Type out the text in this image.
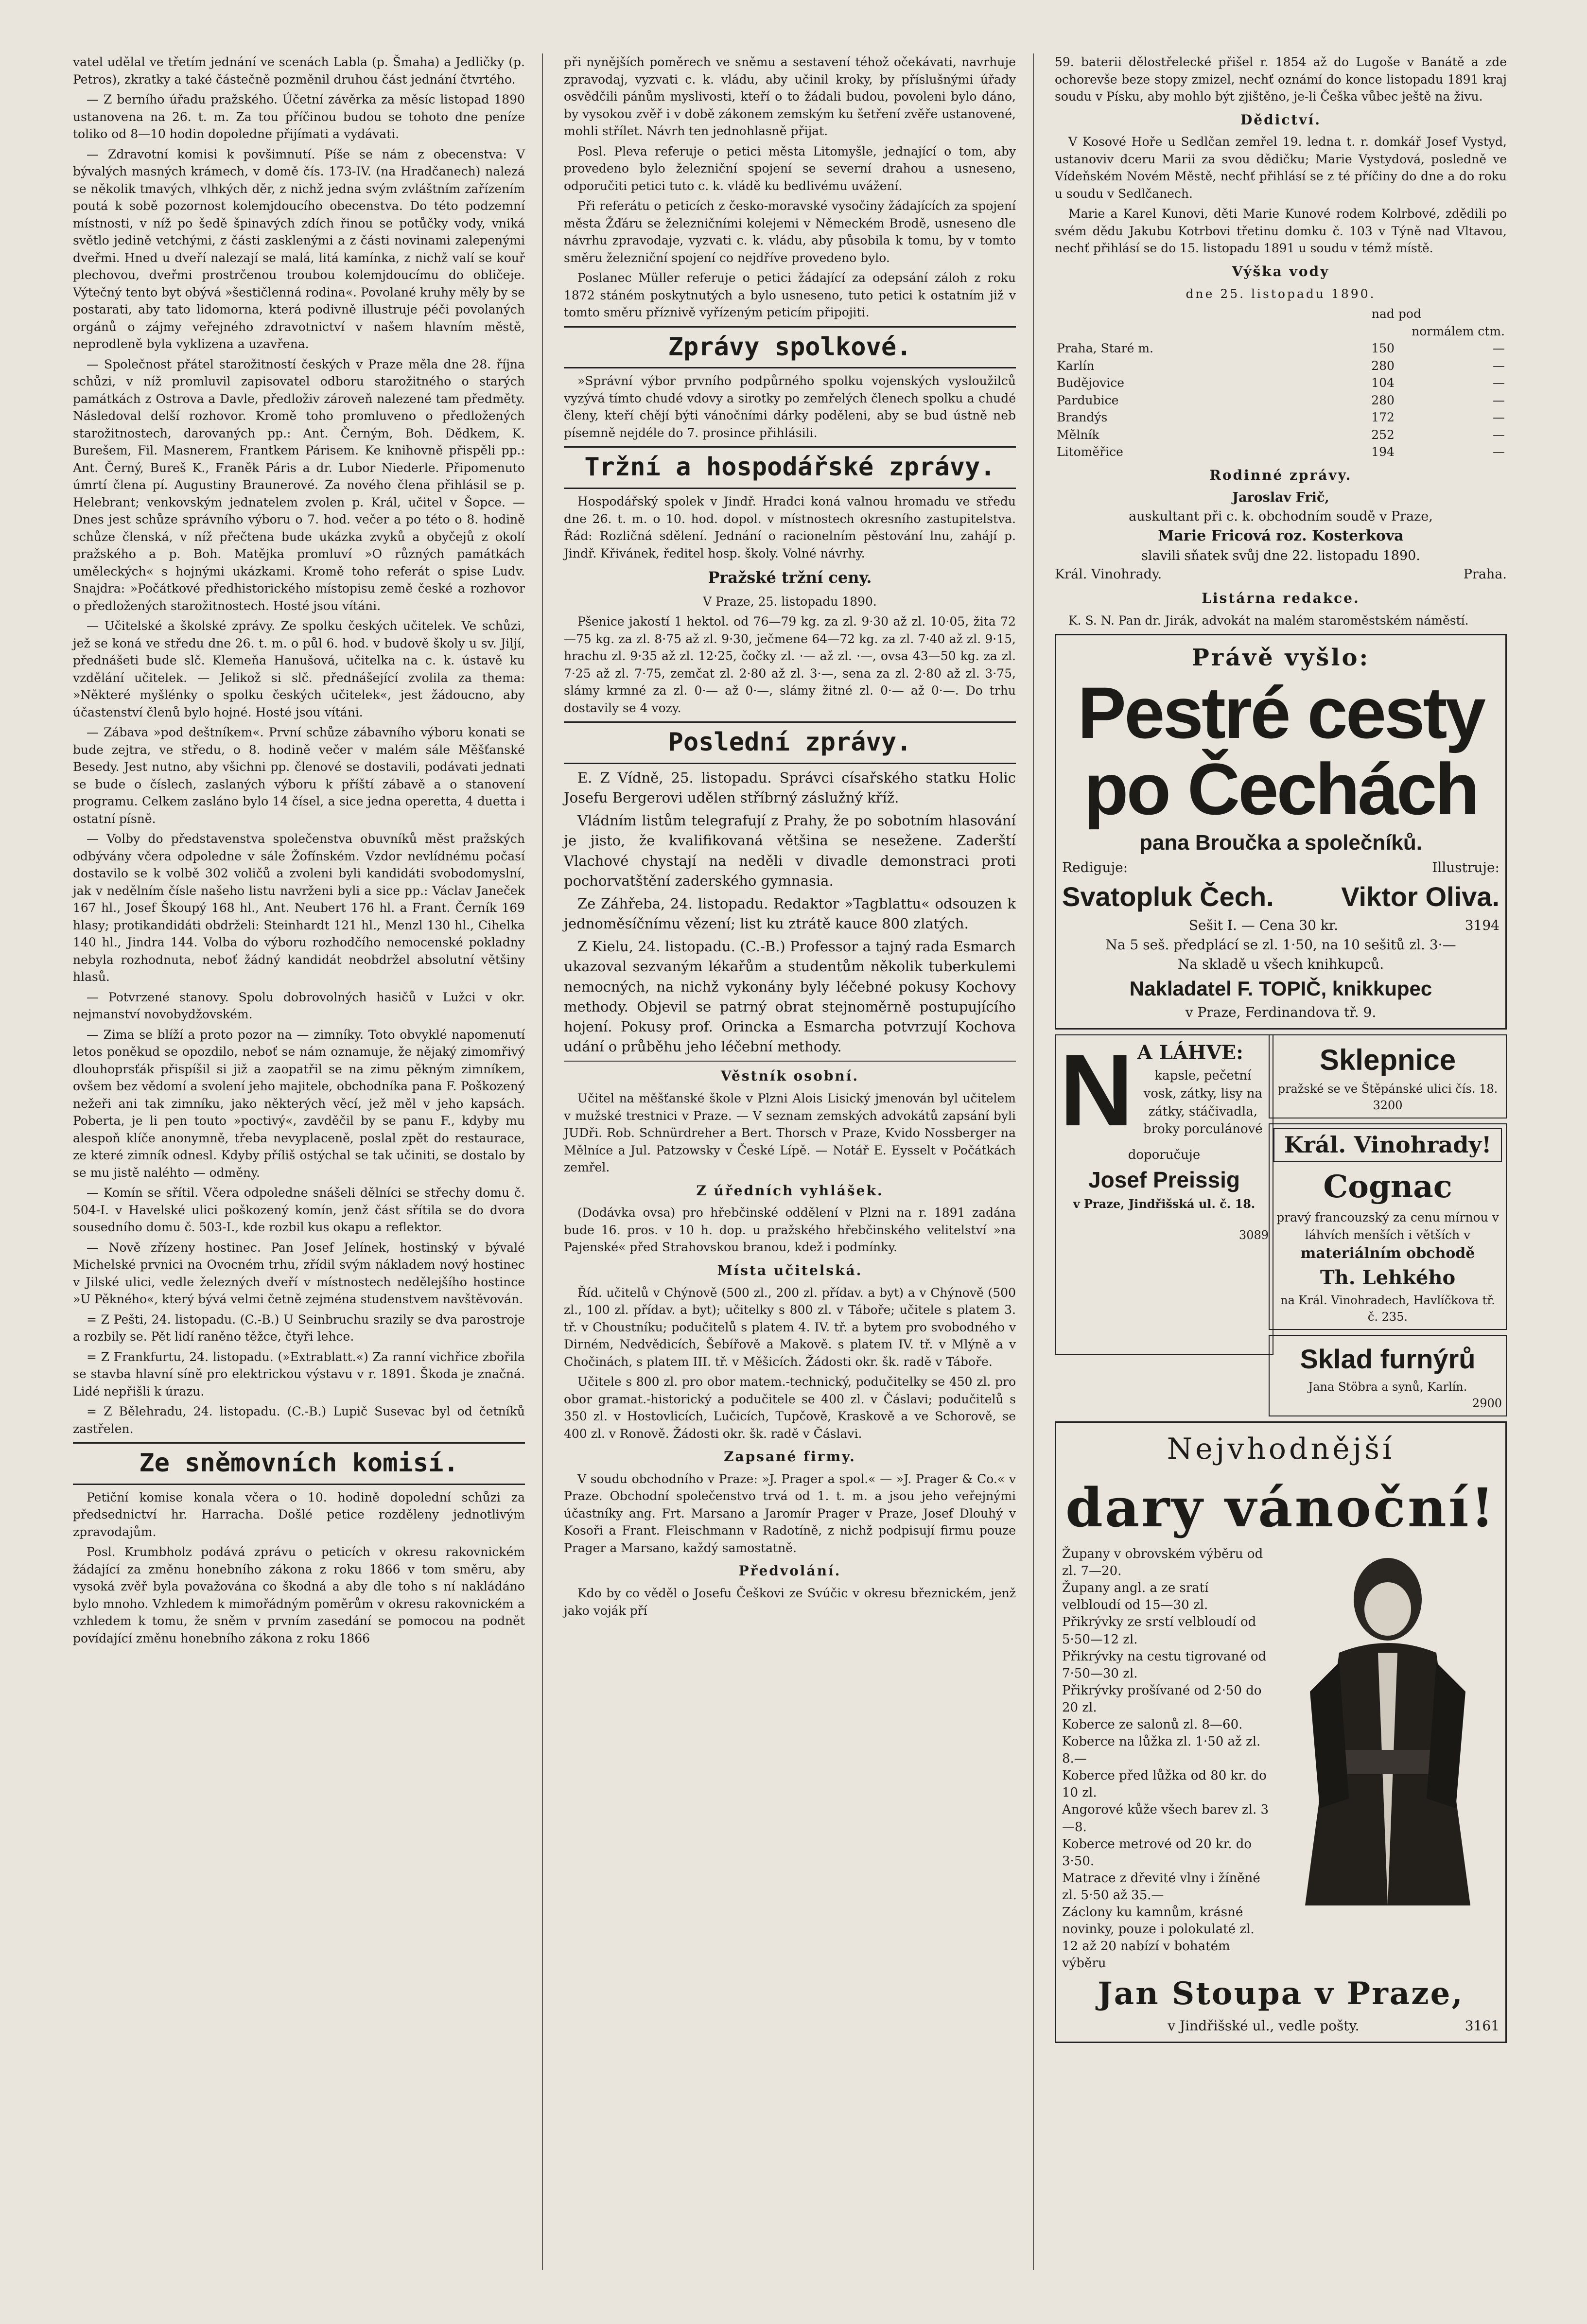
vatel udělal ve třetím jednání ve scenách Labla (p. Šmaha) a Jedličky (p. Petros), zkratky a také částečně pozměnil druhou část jednání čtvrtého.

— Z berního úřadu pražského. Účetní závěrka za měsíc listopad 1890 ustanovena na 26. t. m. Za tou příčinou budou se tohoto dne peníze toliko od 8—10 hodin dopoledne přijímati a vydávati.

— Zdravotní komisi k povšimnutí. Píše se nám z obecenstva: V bývalých masných krámech, v domě čís. 173-IV. (na Hradčanech) nalezá se několik tmavých, vlhkých děr, z nichž jedna svým zvláštním zařízením poutá k sobě pozornost kolemjdoucího obecenstva. Do této podzemní místnosti, v níž po šedě špinavých zdích řinou se potůčky vody, vniká světlo jedině vetchými, z části zasklenými a z části novinami zalepenými dveřmi. Hned u dveří nalezají se malá, litá kamínka, z nichž valí se kouř plechovou, dveřmi prostrčenou troubou kolemjdoucímu do obličeje. Výtečný tento byt obývá »šestičlenná rodina«. Povolané kruhy měly by se postarati, aby tato lidomorna, která podivně illustruje péči povolaných orgánů o zájmy veřejného zdravotnictví v našem hlavním městě, neprodleně byla vyklizena a uzavřena.

— Společnost přátel starožitností českých v Praze měla dne 28. října schůzi, v níž promluvil zapisovatel odboru starožitného o starých památkách z Ostrova a Davle, předloživ zároveň nalezené tam předměty. Následoval delší rozhovor. Kromě toho promluveno o předložených starožitnostech, darovaných pp.: Ant. Černým, Boh. Dědkem, K. Burešem, Fil. Masnerem, Frantkem Párisem. Ke knihovně přispěli pp.: Ant. Černý, Bureš K., Franěk Páris a dr. Lubor Niederle. Připomenuto úmrtí člena pí. Augustiny Braunerové. Za nového člena přihlásil se p. Helebrant; venkovským jednatelem zvolen p. Král, učitel v Šopce. — Dnes jest schůze správního výboru o 7. hod. večer a po této o 8. hodině schůze členská, v níž přečtena bude ukázka zvyků a obyčejů z okolí pražského a p. Boh. Matějka promluví »O různých památkách uměleckých« s hojnými ukázkami. Kromě toho referát o spise Ludv. Snajdra: »Počátkové předhistorického místopisu země české a rozhovor o předložených starožitnostech. Hosté jsou vítáni.

— Učitelské a školské zprávy. Ze spolku českých učitelek. Ve schůzi, jež se koná ve středu dne 26. t. m. o půl 6. hod. v budově školy u sv. Jiljí, přednášeti bude slč. Klemeňa Hanušová, učitelka na c. k. ústavě ku vzdělání učitelek. — Jelikož si slč. přednášející zvolila za thema: »Některé myšlénky o spolku českých učitelek«, jest žádoucno, aby účastenství členů bylo hojné. Hosté jsou vítáni.

— Zábava »pod deštníkem«. První schůze zábavního výboru konati se bude zejtra, ve středu, o 8. hodině večer v malém sále Měšťanské Besedy. Jest nutno, aby všichni pp. členové se dostavili, podávati jednati se bude o číslech, zaslaných výboru k příští zábavě a o stanovení programu. Celkem zasláno bylo 14 čísel, a sice jedna operetta, 4 duetta i ostatní písně.

— Volby do představenstva společenstva obuvníků měst pražských odbývány včera odpoledne v sále Žofínském. Vzdor nevlídnému počasí dostavilo se k volbě 302 voličů a zvoleni byli kandidáti svobodomyslní, jak v nedělním čísle našeho listu navrženi byli a sice pp.: Václav Janeček 167 hl., Josef Škoupý 168 hl., Ant. Neubert 176 hl. a Frant. Černík 169 hlasy; protikandidáti obdrželi: Steinhardt 121 hl., Menzl 130 hl., Cihelka 140 hl., Jindra 144. Volba do výboru rozhodčího nemocenské pokladny nebyla rozhodnuta, neboť žádný kandidát neobdržel absolutní většiny hlasů.

— Potvrzené stanovy. Spolu dobrovolných hasičů v Lužci v okr. nejmanství novobydžovském.

— Zima se blíží a proto pozor na — zimníky. Toto obvyklé napomenutí letos poněkud se opozdilo, neboť se nám oznamuje, že nějaký zimomřivý dlouhoprsťák přispíšil si již a zaopatřil se na zimu pěkným zimníkem, ovšem bez vědomí a svolení jeho majitele, obchodníka pana F. Poškozený nežeři ani tak zimníku, jako některých věcí, jež měl v jeho kapsách. Poberta, je li pen touto »poctivý«, zavděčil by se panu F., kdyby mu alespoň klíče anonymně, třeba nevyplaceně, poslal zpět do restaurace, ze které zimník odnesl. Kdyby příliš ostýchal se tak učiniti, se dostalo by se mu jistě naléhto — odměny.

— Komín se sřítil. Včera odpoledne snášeli dělníci se střechy domu č. 504-I. v Havelské ulici poškozený komín, jenž část sřítila se do dvora sousedního domu č. 503-I., kde rozbil kus okapu a reflektor.

— Nově zřízeny hostinec. Pan Josef Jelínek, hostinský v bývalé Michelské prvnici na Ovocném trhu, zřídil svým nákladem nový hostinec v Jilské ulici, vedle železných dveří v místnostech nedělejšího hostince »U Pěkného«, který bývá velmi četně zejména studenstvem navštěvován.

= Z Pešti, 24. listopadu. (C.-B.) U Seinbruchu srazily se dva parostroje a rozbily se. Pět lidí raněno těžce, čtyři lehce.

= Z Frankfurtu, 24. listopadu. (»Extrablatt.«) Za ranní vichřice zbořila se stavba hlavní síně pro elektrickou výstavu v r. 1891. Škoda je značná. Lidé nepřišli k úrazu.

= Z Bělehradu, 24. listopadu. (C.-B.) Lupič Susevac byl od četníků zastřelen.

Ze sněmovních komisí.

Petiční komise konala včera o 10. hodině dopolední schůzi za předsednictví hr. Harracha. Došlé petice rozděleny jednotlivým zpravodajům.

Posl. Krumbholz podává zprávu o peticích v okresu rakovnickém žádající za změnu honebního zákona z roku 1866 v tom směru, aby vysoká zvěř byla považována co škodná a aby dle toho s ní nakládáno bylo mnoho. Vzhledem k mimořádným poměrům v okresu rakovnickém a vzhledem k tomu, že sněm v prvním zasedání se pomocou na podnět povídající změnu honebního zákona z roku 1866

při nynějších poměrech ve sněmu a sestavení téhož očekávati, navrhuje zpravodaj, vyzvati c. k. vládu, aby učinil kroky, by příslušnými úřady osvědčili pánům myslivosti, kteří o to žádali budou, povoleni bylo dáno, by vysokou zvěř i v době zákonem zemským ku šetření zvěře ustanovené, mohli střílet. Návrh ten jednohlasně přijat.

Posl. Pleva referuje o petici města Litomyšle, jednající o tom, aby provedeno bylo železniční spojení se severní drahou a usneseno, odporučiti petici tuto c. k. vládě ku bedlivému uvážení.

Při referátu o peticích z česko-moravské vysočiny žádajících za spojení města Žďáru se železničními kolejemi v Německém Brodě, usneseno dle návrhu zpravodaje, vyzvati c. k. vládu, aby působila k tomu, by v tomto směru železniční spojení co nejdříve provedeno bylo.

Poslanec Müller referuje o petici žádající za odepsání záloh z roku 1872 stáném poskytnutých a bylo usneseno, tuto petici k ostatním již v tomto směru příznivě vyřízeným peticím připojiti.

Zprávy spolkové.

»Správní výbor prvního podpůrného spolku vojenských vysloužilců vyzývá tímto chudé vdovy a sirotky po zemřelých členech spolku a chudé členy, kteří chějí býti vánočními dárky poděleni, aby se bud ústně neb písemně nejdéle do 7. prosince přihlásili.

Tržní a hospodářské zprávy.

Hospodářský spolek v Jindř. Hradci koná valnou hromadu ve středu dne 26. t. m. o 10. hod. dopol. v místnostech okresního zastupitelstva. Řád: Rozličná sdělení. Jednání o racionelním pěstování lnu, zahájí p. Jindř. Křivánek, ředitel hosp. školy. Volné návrhy.

Pražské tržní ceny.

V Praze, 25. listopadu 1890.

Pšenice jakostí 1 hektol. od 76—79 kg. za zl. 9·30 až zl. 10·05, žita 72—75 kg. za zl. 8·75 až zl. 9·30, ječmene 64—72 kg. za zl. 7·40 až zl. 9·15, hrachu zl. 9·35 až zl. 12·25, čočky zl. ·— až zl. ·—, ovsa 43—50 kg. za zl. 7·25 až zl. 7·75, zemčat zl. 2·80 až zl. 3·—, sena za zl. 2·80 až zl. 3·75, slámy krmné za zl. 0·— až 0·—, slámy žitné zl. 0·— až 0·—. Do trhu dostavily se 4 vozy.

Poslední zprávy.

E. Z Vídně, 25. listopadu. Správci císařského statku Holic Josefu Bergerovi udělen stříbrný záslužný kříž.

Vládním listům telegrafují z Prahy, že po sobotním hlasování je jisto, že kvalifikovaná většina se nesežene. Zaderští Vlachové chystají na neděli v divadle demonstraci proti pochorvatštění zaderského gymnasia.

Ze Záhřeba, 24. listopadu. Redaktor »Tagblattu« odsouzen k jednoměsíčnímu vězení; list ku ztrátě kauce 800 zlatých.

Z Kielu, 24. listopadu. (C.-B.) Professor a tajný rada Esmarch ukazoval sezvaným lékařům a studentům několik tuberkulemi nemocných, na nichž vykonány byly léčebné pokusy Kochovy methody. Objevil se patrný obrat stejnoměrně postupujícího hojení. Pokusy prof. Orincka a Esmarcha potvrzují Kochova udání o průběhu jeho léčební methody.

Věstník osobní.

Učitel na měšťanské škole v Plzni Alois Lisický jmenován byl učitelem v mužské trestnici v Praze. — V seznam zemských advokátů zapsání byli JUDři. Rob. Schnürdreher a Bert. Thorsch v Praze, Kvido Nossberger na Mělníce a Jul. Patzowsky v České Lípě. — Notář E. Eysselt v Počátkách zemřel.

Z úředních vyhlášek.

(Dodávka ovsa) pro hřebčinské oddělení v Plzni na r. 1891 zadána bude 16. pros. v 10 h. dop. u pražského hřebčinského velitelství »na Pajenské« před Strahovskou branou, kdež i podmínky.

Místa učitelská.

Říd. učitelů v Chýnově (500 zl., 200 zl. přídav. a byt) a v Chýnově (500 zl., 100 zl. přídav. a byt); učitelky s 800 zl. v Táboře; učitele s platem 3. tř. v Choustníku; podučitelů s platem 4. IV. tř. a bytem pro svobodného v Dirném, Nedvědicích, Šebířově a Makově. s platem IV. tř. v Mlýně a v Chočinách, s platem III. tř. v Měšicích. Žádosti okr. šk. radě v Táboře.

Učitele s 800 zl. pro obor matem.-technický, podučitelky se 450 zl. pro obor gramat.-historický a podučitele se 400 zl. v Čáslavi; podučitelů s 350 zl. v Hostovlicích, Lučicích, Tupčově, Kraskově a ve Schorově, se 400 zl. v Ronově. Žádosti okr. šk. radě v Čáslavi.

Zapsané firmy.

V soudu obchodního v Praze: »J. Prager a spol.« — »J. Prager & Co.« v Praze. Obchodní společenstvo trvá od 1. t. m. a jsou jeho veřejnými účastníky ang. Frt. Marsano a Jaromír Prager v Praze, Josef Dlouhý v Kosoři a Frant. Fleischmann v Radotíně, z nichž podpisují firmu pouze Prager a Marsano, každý samostatně.

Předvolání.

Kdo by co věděl o Josefu Češkovi ze Svúčic v okresu březnickém, jenž jako voják pří

59. baterii dělostřelecké přišel r. 1854 až do Lugoše v Banátě a zde ochorevše beze stopy zmizel, nechť oznámí do konce listopadu 1891 kraj soudu v Písku, aby mohlo být zjištěno, je-li Češka vůbec ještě na živu.

Dědictví.

V Kosové Hoře u Sedlčan zemřel 19. ledna t. r. domkář Josef Vystyd, ustanoviv dceru Marii za svou dědičku; Marie Vystydová, posledně ve Vídeňském Novém Městě, nechť přihlásí se z té příčiny do dne a do roku u soudu v Sedlčanech.

Marie a Karel Kunovi, děti Marie Kunové rodem Kolrbové, zdědili po svém dědu Jakubu Kotrbovi třetinu domku č. 103 v Týně nad Vltavou, nechť přihlásí se do 15. listopadu 1891 u soudu v témž místě.

Výška vody

dne 25. listopadu 1890.

	nad	pod
	normálem ctm.	
Praha, Staré m.	150	—
Karlín	280	—
Budějovice	104	—
Pardubice	280	—
Brandýs	172	—
Mělník	252	—
Litoměřice	194	—
Rodinné zprávy.
Jaroslav Frič,
auskultant při c. k. obchodním soudě v Praze,
Marie Fricová roz. Kosterkova
slavili sňatek svůj dne 22. listopadu 1890.
Král. Vinohrady.	Praha.
Listárna redakce.

K. S. N. Pan dr. Jirák, advokát na malém staroměstském náměstí.

Právě vyšlo:
Pestré cesty po Čechách
pana Broučka a společníků.
Rediguje:	Illustruje:
Svatopluk Čech. Viktor Oliva.
Sešit I. — Cena 30 kr.	3194
Na 5 seš. předplácí se zl. 1·50, na 10 sešitů zl. 3·—
Na skladě u všech knihkupců.
Nakladatel F. TOPIČ, knikkupec
v Praze, Ferdinandova tř. 9.
N A LÁHVE:
kapsle, pečetní vosk, zátky, lisy na zátky, stáčivadla, broky porculánové
doporučuje
Josef Preissig
v Praze, Jindřišská ul. č. 18.
3089
Sklepnice
pražské se ve Štěpánské ulici čís. 18. 3200
Král. Vinohrady!
Cognac
pravý francouzský za cenu mírnou v láhvích menších i větších v
materiálním obchodě
Th. Lehkého
na Král. Vinohradech, Havlíčkova tř. č. 235.
Sklad furnýrů
Jana Stöbra a synů, Karlín.
2900
Nejvhodnější
dary vánoční!
Župany v obrovském výběru od zl. 7—20.
Župany angl. a ze sratí velbloudí od 15—30 zl.
Přikrývky ze srstí velbloudí od 5·50—12 zl.
Přikrývky na cestu tigrované od 7·50—30 zl.
Přikrývky prošívané od 2·50 do 20 zl.
Koberce ze salonů zl. 8—60.
Koberce na lůžka zl. 1·50 až zl. 8.—
Koberce před lůžka od 80 kr. do 10 zl.
Angorové kůže všech barev zl. 3—8.
Koberce metrové od 20 kr. do 3·50.
Matrace z dřevité vlny i žíněné zl. 5·50 až 35.—
Záclony ku kamnům, krásné novinky, pouze i polokulaté zl. 12 až 20 nabízí v bohatém výběru
Jan Stoupa v Praze,
v Jindřišské ul., vedle pošty.	3161
